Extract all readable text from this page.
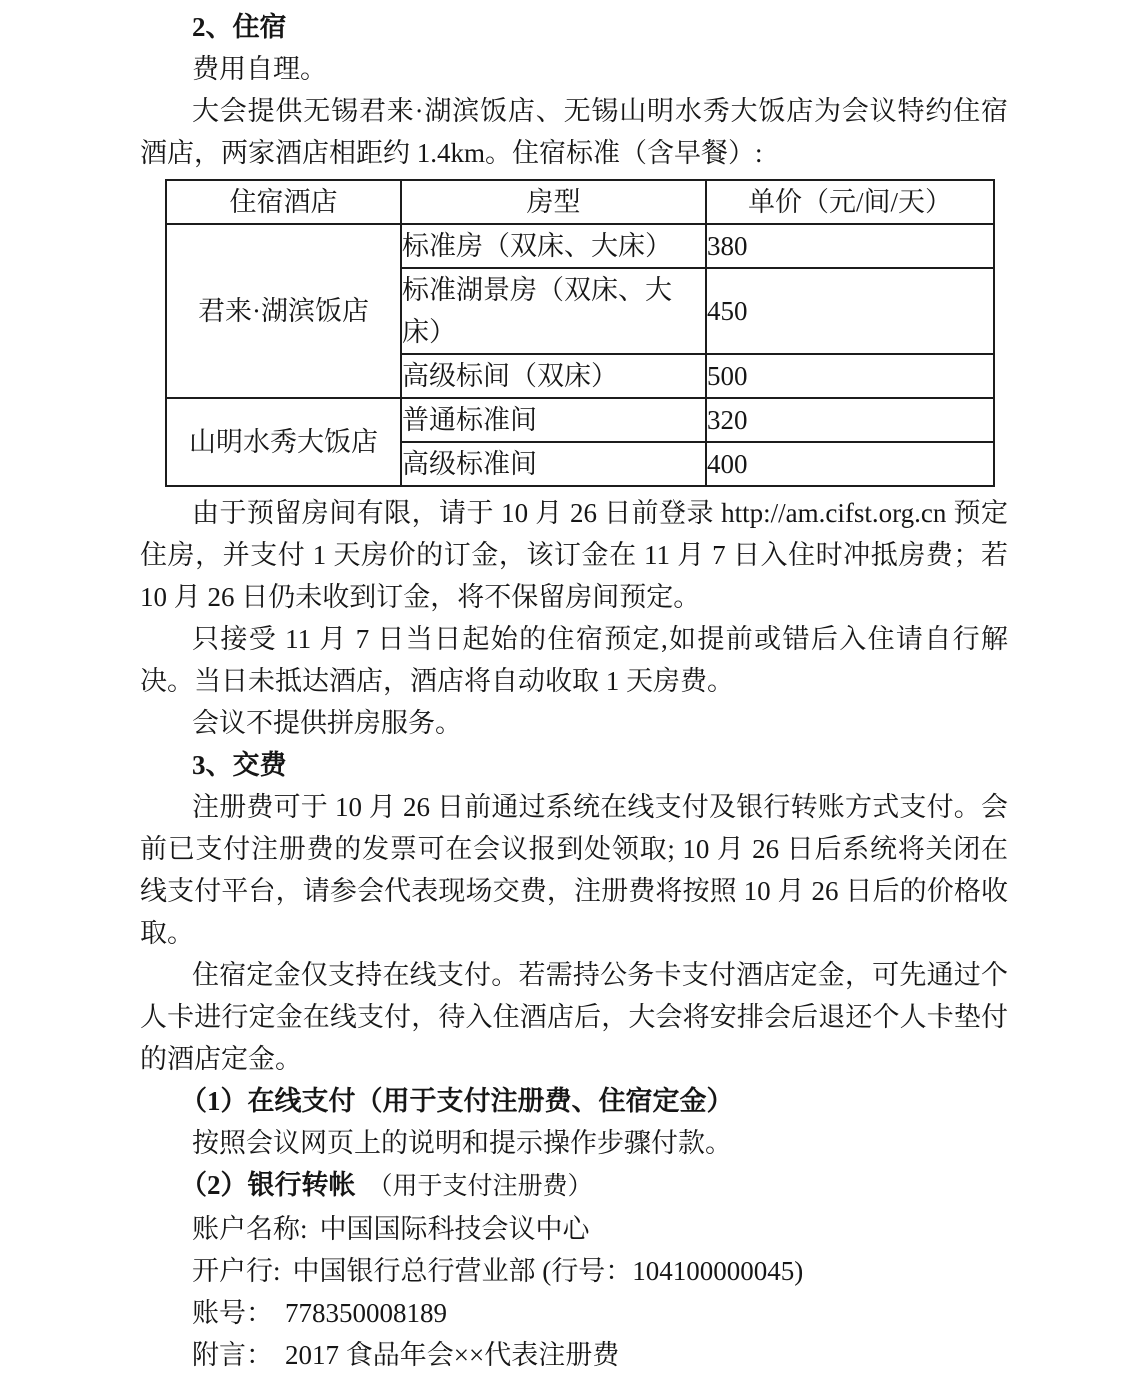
2、住宿

费用自理。

大会提供无锡君来·湖滨饭店、无锡山明水秀大饭店为会议特约住宿酒店，两家酒店相距约 1.4km。住宿标准（含早餐）:

住宿酒店	房型	单价（元/间/天）
君来·湖滨饭店	标准房（双床、大床）	380
	标准湖景房（双床、大床）	450
	高级标间（双床）	500
山明水秀大饭店	普通标准间	320
	高级标准间	400

由于预留房间有限，请于 10 月 26 日前登录 http://am.cifst.org.cn 预定住房，并支付 1 天房价的订金，该订金在 11 月 7 日入住时冲抵房费；若 10 月 26 日仍未收到订金，将不保留房间预定。

只接受 11 月 7 日当日起始的住宿预定,如提前或错后入住请自行解决。当日未抵达酒店，酒店将自动收取 1 天房费。

会议不提供拼房服务。

3、交费

注册费可于 10 月 26 日前通过系统在线支付及银行转账方式支付。会前已支付注册费的发票可在会议报到处领取; 10 月 26 日后系统将关闭在线支付平台，请参会代表现场交费，注册费将按照 10 月 26 日后的价格收取。

住宿定金仅支持在线支付。若需持公务卡支付酒店定金，可先通过个人卡进行定金在线支付，待入住酒店后，大会将安排会后退还个人卡垫付的酒店定金。

（1）在线支付（用于支付注册费、住宿定金）

按照会议网页上的说明和提示操作步骤付款。

（2）银行转帐 （用于支付注册费）

账户名称: 中国国际科技会议中心

开户行: 中国银行总行营业部 (行号：104100000045)

账号： 778350008189

附言： 2017 食品年会××代表注册费
